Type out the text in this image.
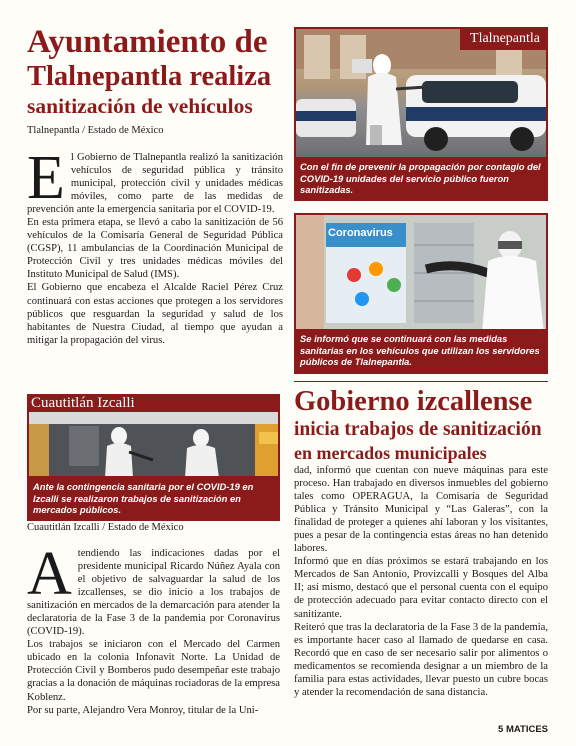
Ayuntamiento de
Tlalnepantla realiza
sanitización de vehículos
Tlalnepantla / Estado de México

El Gobierno de Tlalnepantla realizó la sanitización vehículos de seguridad pública y tránsito municipal, protección civil y unidades médicas móviles, como parte de las medidas de prevención ante la emergencia sanitaria por el COVID-19.

En esta primera etapa, se llevó a cabo la sanitización de 56 vehículos de la Comisaría General de Seguridad Pública (CGSP), 11 ambulancias de la Coordinación Municipal de Protección Civil y tres unidades médicas móviles del Instituto Municipal de Salud (IMS).

El Gobierno que encabeza el Alcalde Raciel Pérez Cruz continuará con estas acciones que protegen a los servidores públicos que resguardan la seguridad y salud de los habitantes de Nuestra Ciudad, al tiempo que ayudan a mitigar la propagación del virus.

Tlalnepantla
Con el fin de prevenir la propagación por contagio del COVID-19 unidades del servicio público fueron sanitizadas.
Coronavirus
Se informó que se continuará con las medidas sanitarias en los vehículos que utilizan los servidores públicos de Tlalnepantla.
Cuautitlán Izcalli
Ante la contingencia sanitaria por el COVID-19 en Izcalli se realizaron trabajos de sanitización en mercados públicos.
Cuautitlán Izcalli / Estado de México
Gobierno izcallense
inicia trabajos de sanitización
en mercados municipales

Atendiendo las indicaciones dadas por el presidente municipal Ricardo Núñez Ayala con el objetivo de salvaguardar la salud de los izcallenses, se dio inicio a los trabajos de sanitización en mercados de la demarcación para atender la declaratoria de la Fase 3 de la pandemia por Coronavirus (COVID-19).

Los trabajos se iniciaron con el Mercado del Carmen ubicado en la colonia Infonavit Norte. La Unidad de Protección Civil y Bomberos pudo desempeñar este trabajo gracias a la donación de máquinas rociadoras de la empresa Koblenz.

Por su parte, Alejandro Vera Monroy, titular de la Uni-

dad, informó que cuentan con nueve máquinas para este proceso. Han trabajado en diversos inmuebles del gobierno tales como OPERAGUA, la Comisaría de Seguridad Pública y Tránsito Municipal y “Las Galeras”, con la finalidad de proteger a quienes ahí laboran y los visitantes, pues a pesar de la contingencia estas áreas no han detenido labores.

Informó que en días próximos se estará trabajando en los Mercados de San Antonio, Provizcalli y Bosques del Alba II; así mismo, destacó que el personal cuenta con el equipo de protección adecuado para evitar contacto directo con el sanitizante.

Reiteró que tras la declaratoria de la Fase 3 de la pandemia, es importante hacer caso al llamado de quedarse en casa. Recordó que en caso de ser necesario salir por alimentos o medicamentos se recomienda designar a un miembro de la familia para estas actividades, llevar puesto un cubre bocas y atender la recomendación de sana distancia.

5 MATICES
